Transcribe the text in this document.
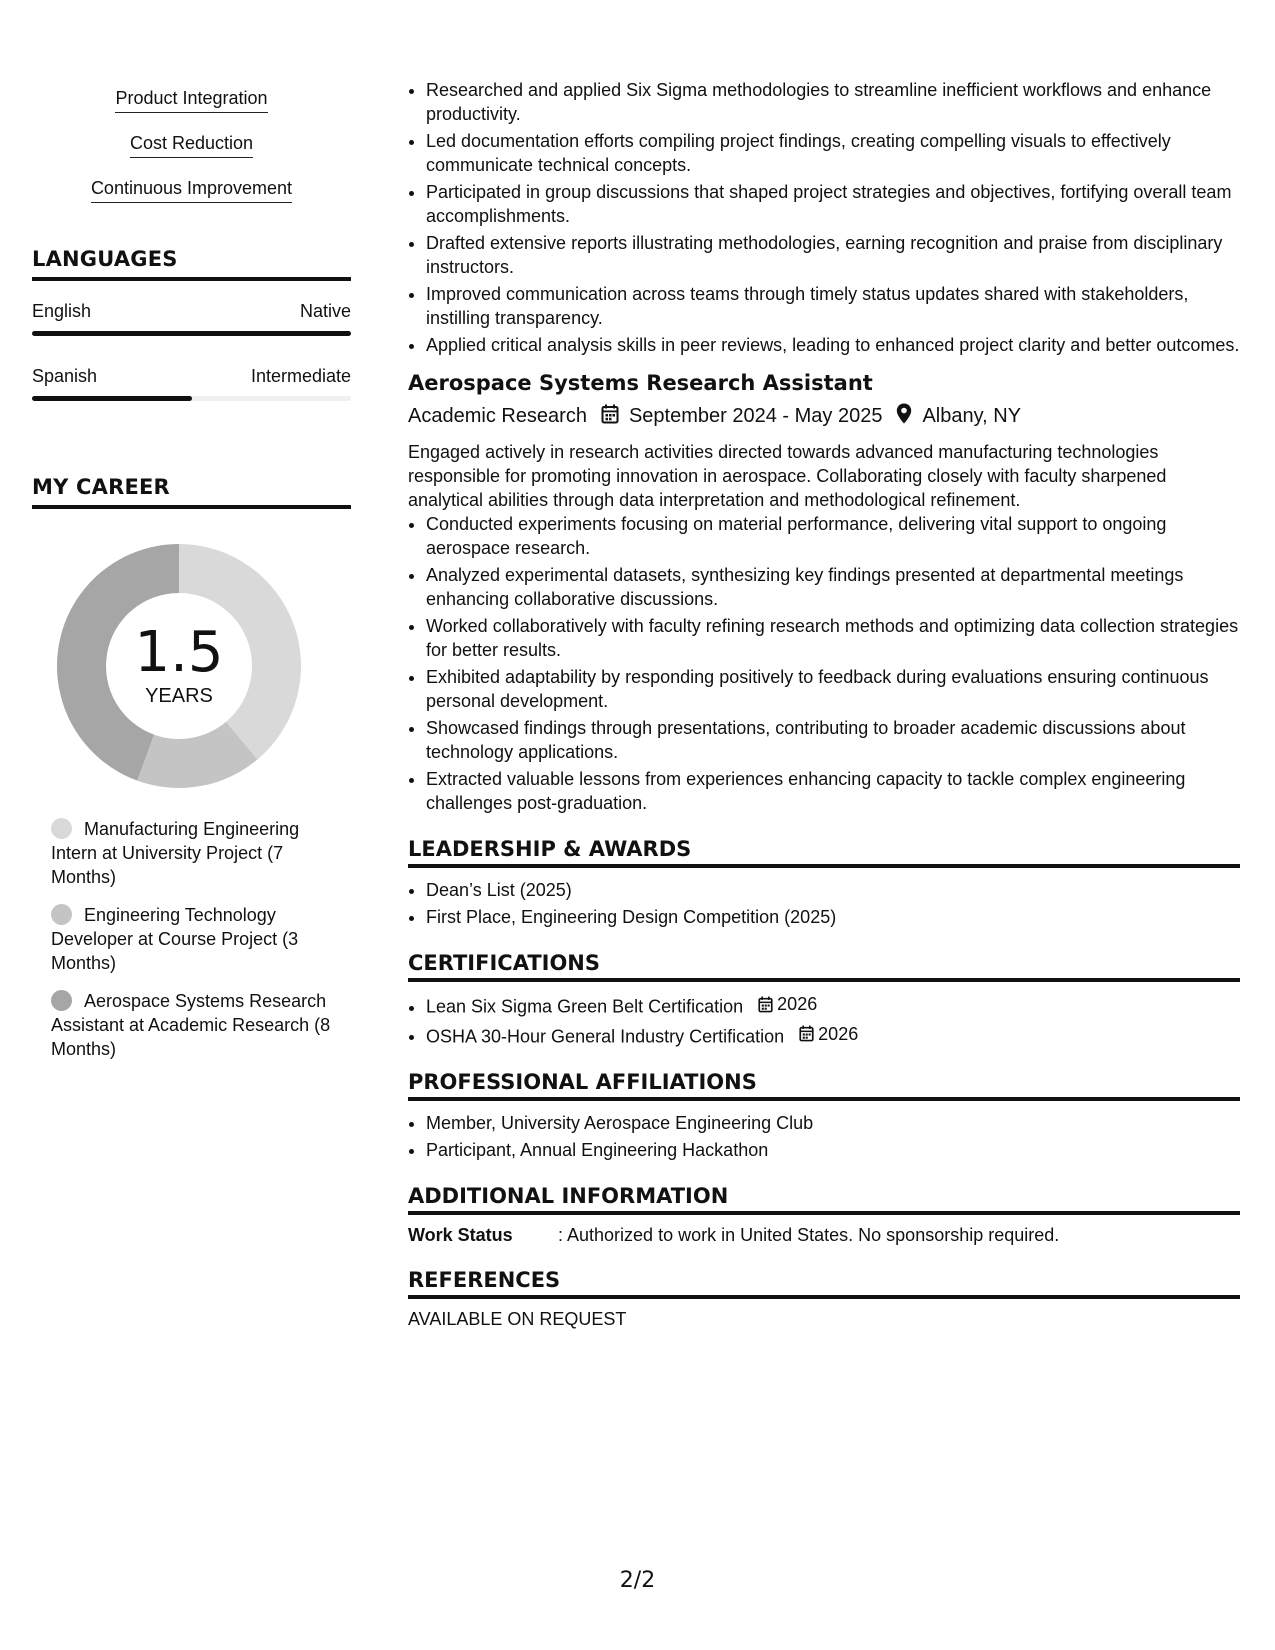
Product Integration
Cost Reduction
Continuous Improvement
LANGUAGES
English	Native
Spanish	Intermediate
MY CAREER
1.5
YEARS
Manufacturing Engineering Intern at University Project (7 Months)
Engineering Technology Developer at Course Project (3 Months)
Aerospace Systems Research Assistant at Academic Research (8 Months)
• Researched and applied Six Sigma methodologies to streamline inefficient workflows and enhance productivity.
• Led documentation efforts compiling project findings, creating compelling visuals to effectively communicate technical concepts.
• Participated in group discussions that shaped project strategies and objectives, fortifying overall team accomplishments.
• Drafted extensive reports illustrating methodologies, earning recognition and praise from disciplinary instructors.
• Improved communication across teams through timely status updates shared with stakeholders, instilling transparency.
• Applied critical analysis skills in peer reviews, leading to enhanced project clarity and better outcomes.
Aerospace Systems Research Assistant
Academic Research September 2024 - May 2025 Albany, NY
Engaged actively in research activities directed towards advanced manufacturing technologies responsible for promoting innovation in aerospace. Collaborating closely with faculty sharpened analytical abilities through data interpretation and methodological refinement.
• Conducted experiments focusing on material performance, delivering vital support to ongoing aerospace research.
• Analyzed experimental datasets, synthesizing key findings presented at departmental meetings enhancing collaborative discussions.
• Worked collaboratively with faculty refining research methods and optimizing data collection strategies for better results.
• Exhibited adaptability by responding positively to feedback during evaluations ensuring continuous personal development.
• Showcased findings through presentations, contributing to broader academic discussions about technology applications.
• Extracted valuable lessons from experiences enhancing capacity to tackle complex engineering challenges post-graduation.
LEADERSHIP & AWARDS
• Dean’s List (2025)
• First Place, Engineering Design Competition (2025)
CERTIFICATIONS
• Lean Six Sigma Green Belt Certification 2026
• OSHA 30-Hour General Industry Certification 2026
PROFESSIONAL AFFILIATIONS
• Member, University Aerospace Engineering Club
• Participant, Annual Engineering Hackathon
ADDITIONAL INFORMATION
Work Status	: Authorized to work in United States. No sponsorship required.
REFERENCES
AVAILABLE ON REQUEST
2/2
